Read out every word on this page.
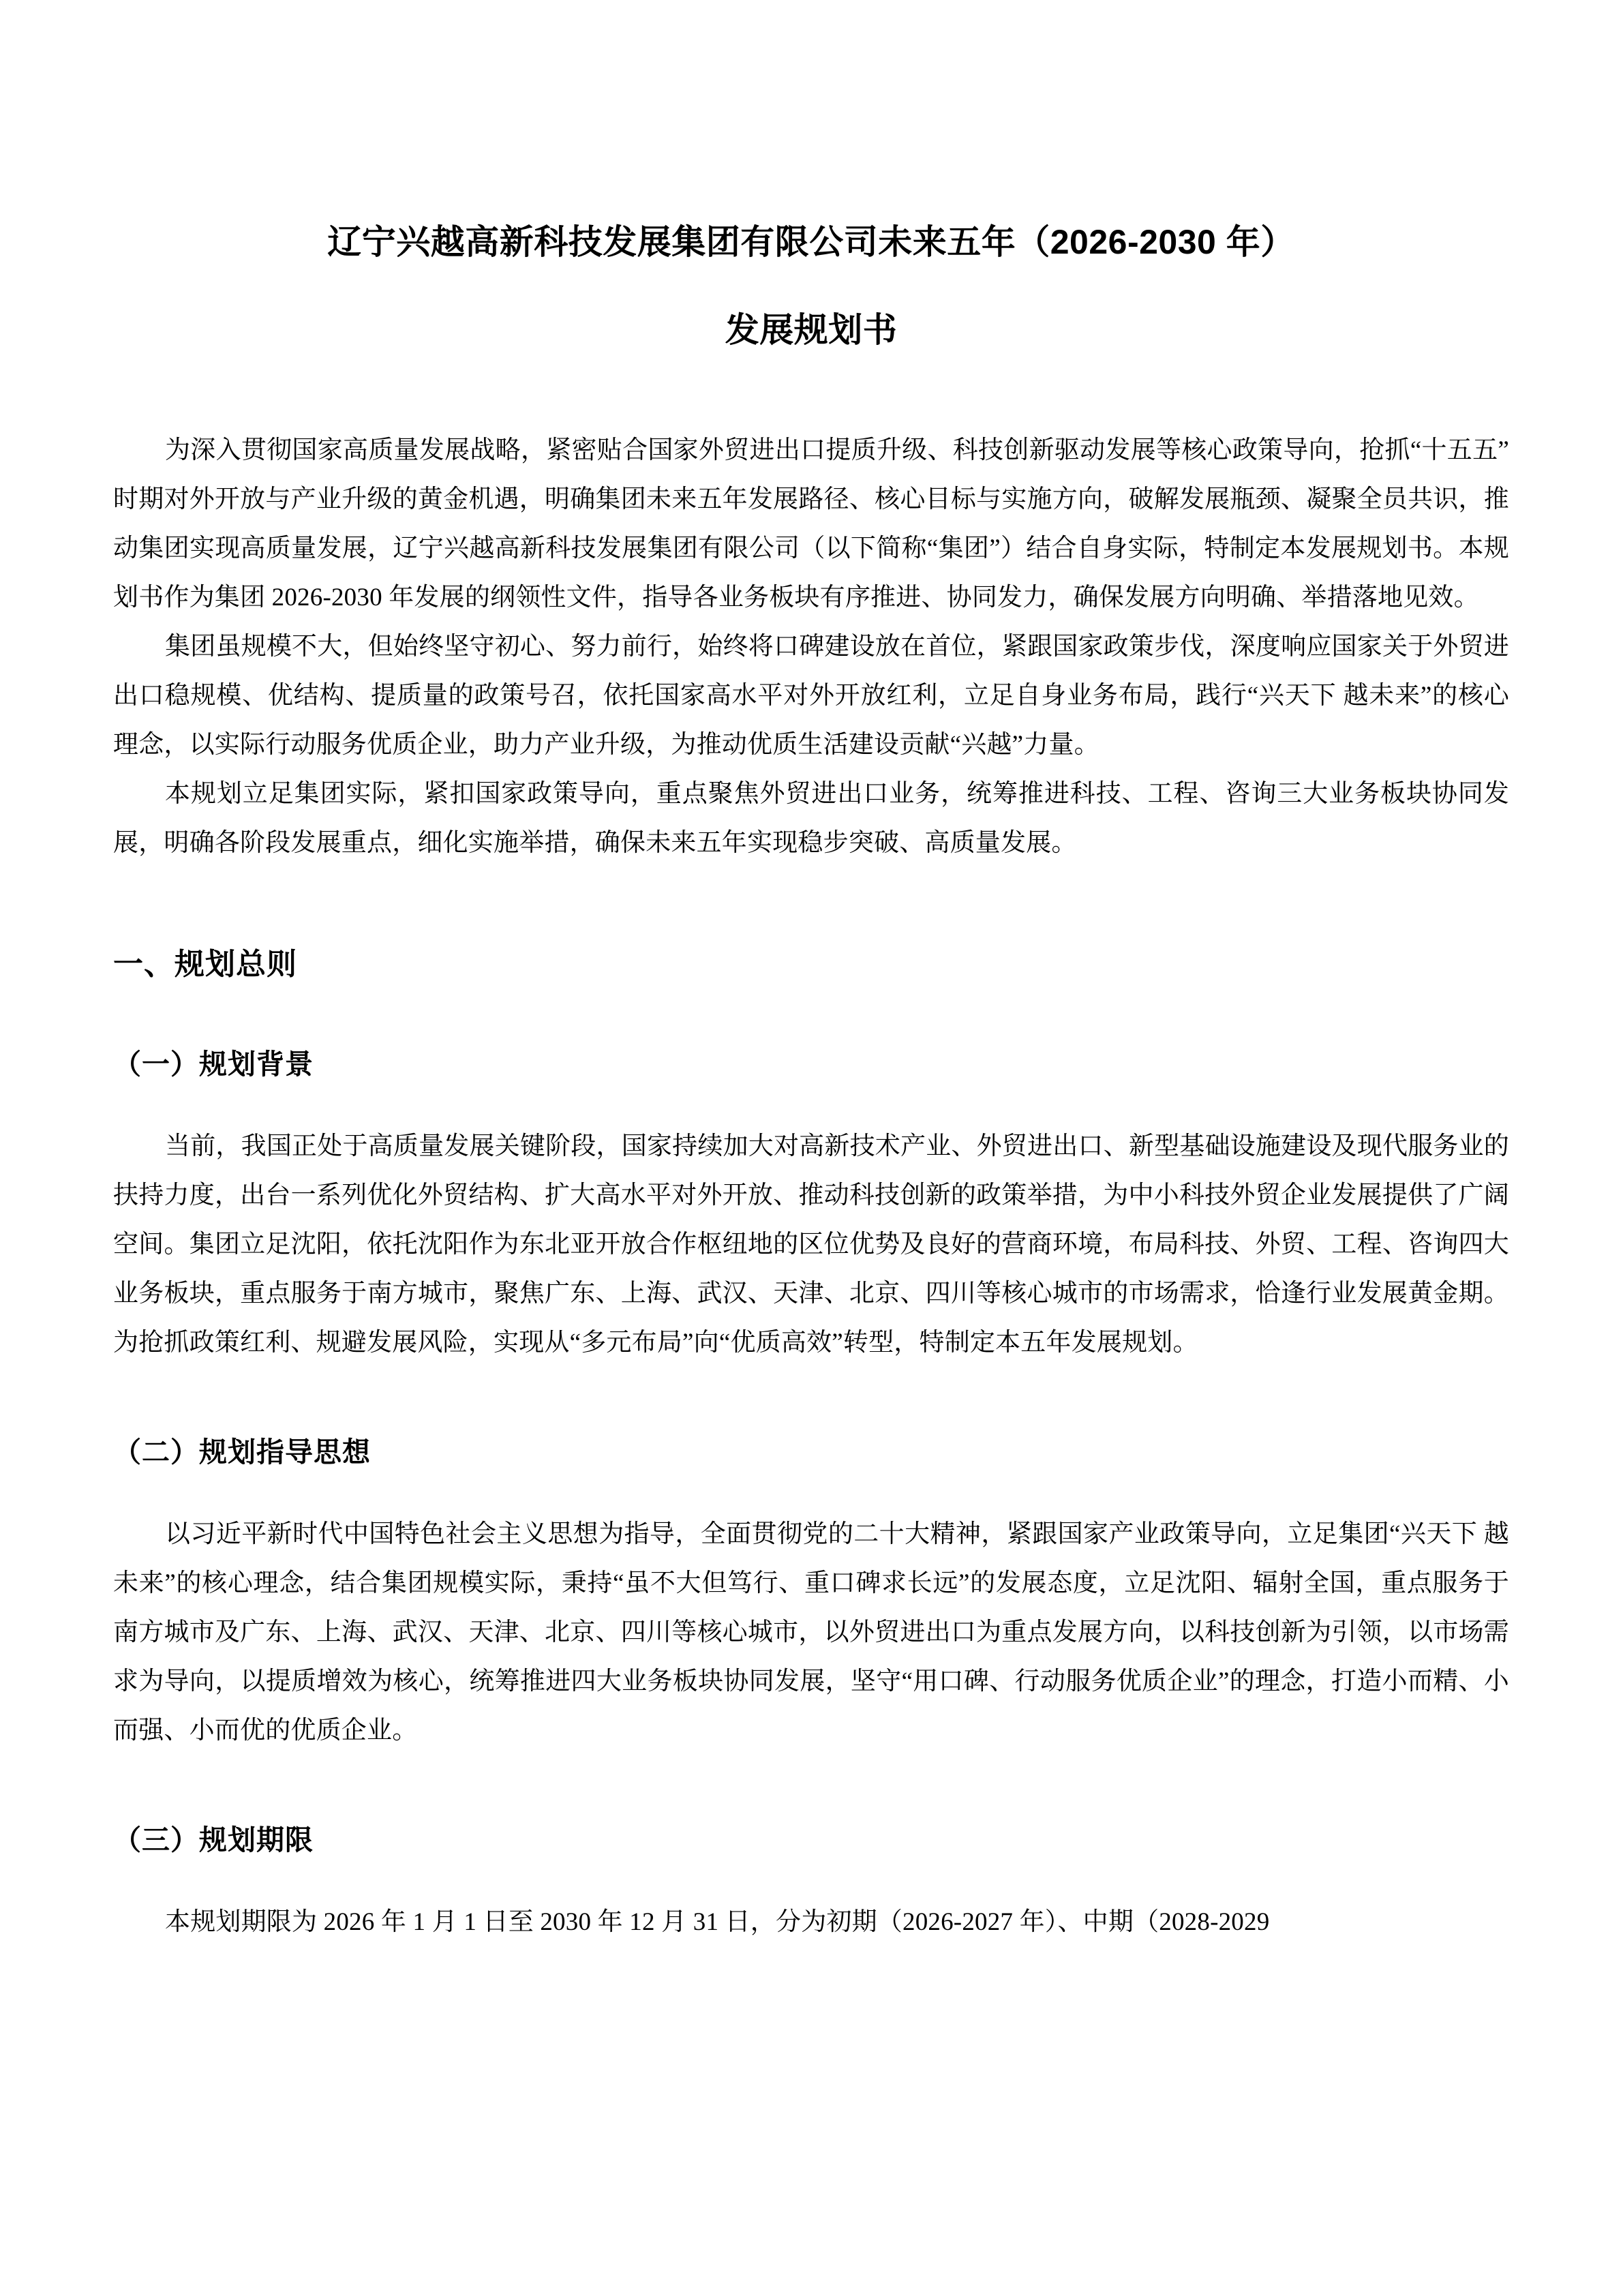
辽宁兴越高新科技发展集团有限公司未来五年（2026-2030 年）
发展规划书

为深入贯彻国家高质量发展战略，紧密贴合国家外贸进出口提质升级、科技创新驱动发展等核心政策导向，抢抓“十五五”时期对外开放与产业升级的黄金机遇，明确集团未来五年发展路径、核心目标与实施方向，破解发展瓶颈、凝聚全员共识，推动集团实现高质量发展，辽宁兴越高新科技发展集团有限公司（以下简称“集团”）结合自身实际，特制定本发展规划书。本规划书作为集团 2026-2030 年发展的纲领性文件，指导各业务板块有序推进、协同发力，确保发展方向明确、举措落地见效。

集团虽规模不大，但始终坚守初心、努力前行，始终将口碑建设放在首位，紧跟国家政策步伐，深度响应国家关于外贸进出口稳规模、优结构、提质量的政策号召，依托国家高水平对外开放红利，立足自身业务布局，践行“兴天下 越未来”的核心理念，以实际行动服务优质企业，助力产业升级，为推动优质生活建设贡献“兴越”力量。

本规划立足集团实际，紧扣国家政策导向，重点聚焦外贸进出口业务，统筹推进科技、工程、咨询三大业务板块协同发展，明确各阶段发展重点，细化实施举措，确保未来五年实现稳步突破、高质量发展。

一、规划总则
（一）规划背景

当前，我国正处于高质量发展关键阶段，国家持续加大对高新技术产业、外贸进出口、新型基础设施建设及现代服务业的扶持力度，出台一系列优化外贸结构、扩大高水平对外开放、推动科技创新的政策举措，为中小科技外贸企业发展提供了广阔空间。集团立足沈阳，依托沈阳作为东北亚开放合作枢纽地的区位优势及良好的营商环境，布局科技、外贸、工程、咨询四大业务板块，重点服务于南方城市，聚焦广东、上海、武汉、天津、北京、四川等核心城市的市场需求，恰逢行业发展黄金期。为抢抓政策红利、规避发展风险，实现从“多元布局”向“优质高效”转型，特制定本五年发展规划。

（二）规划指导思想

以习近平新时代中国特色社会主义思想为指导，全面贯彻党的二十大精神，紧跟国家产业政策导向，立足集团“兴天下 越未来”的核心理念，结合集团规模实际，秉持“虽不大但笃行、重口碑求长远”的发展态度，立足沈阳、辐射全国，重点服务于南方城市及广东、上海、武汉、天津、北京、四川等核心城市，以外贸进出口为重点发展方向，以科技创新为引领，以市场需求为导向，以提质增效为核心，统筹推进四大业务板块协同发展，坚守“用口碑、行动服务优质企业”的理念，打造小而精、小而强、小而优的优质企业。

（三）规划期限

本规划期限为 2026 年 1 月 1 日至 2030 年 12 月 31 日，分为初期（2026-2027 年）、中期（2028-2029
